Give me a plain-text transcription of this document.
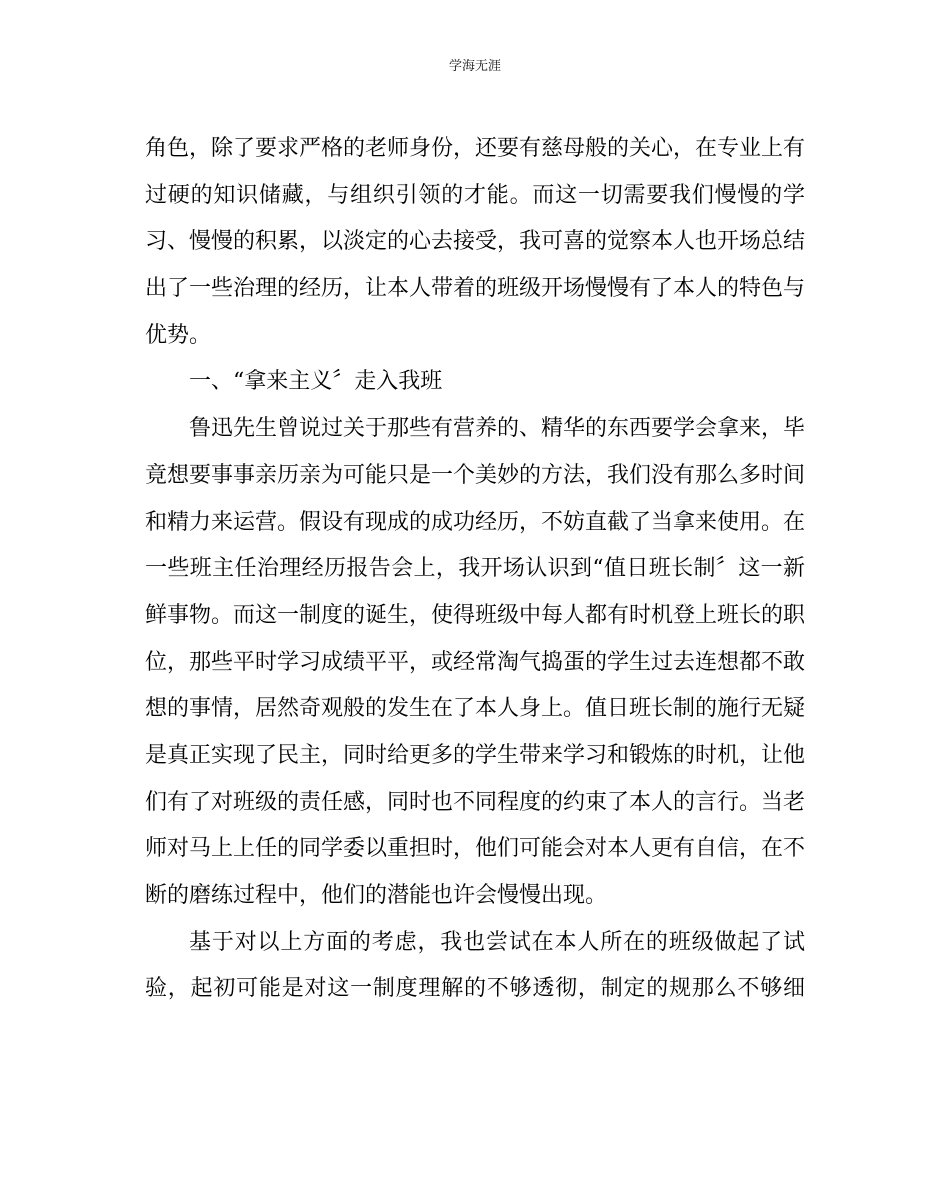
学海无涯
角色，除了要求严格的老师身份，还要有慈母般的关心，在专业上有
过硬的知识储藏，与组织引领的才能。而这一切需要我们慢慢的学
习、慢慢的积累，以淡定的心去接受，我可喜的觉察本人也开场总结
出了一些治理的经历，让本人带着的班级开场慢慢有了本人的特色与
优势。
一、“拿来主义〞走入我班
鲁迅先生曾说过关于那些有营养的、精华的东西要学会拿来，毕
竟想要事事亲历亲为可能只是一个美妙的方法，我们没有那么多时间
和精力来运营。假设有现成的成功经历，不妨直截了当拿来使用。在
一些班主任治理经历报告会上，我开场认识到“值日班长制〞这一新
鲜事物。而这一制度的诞生，使得班级中每人都有时机登上班长的职
位，那些平时学习成绩平平，或经常淘气捣蛋的学生过去连想都不敢
想的事情，居然奇观般的发生在了本人身上。值日班长制的施行无疑
是真正实现了民主，同时给更多的学生带来学习和锻炼的时机，让他
们有了对班级的责任感，同时也不同程度的约束了本人的言行。当老
师对马上上任的同学委以重担时，他们可能会对本人更有自信，在不
断的磨练过程中，他们的潜能也许会慢慢出现。
基于对以上方面的考虑，我也尝试在本人所在的班级做起了试
验，起初可能是对这一制度理解的不够透彻，制定的规那么不够细
